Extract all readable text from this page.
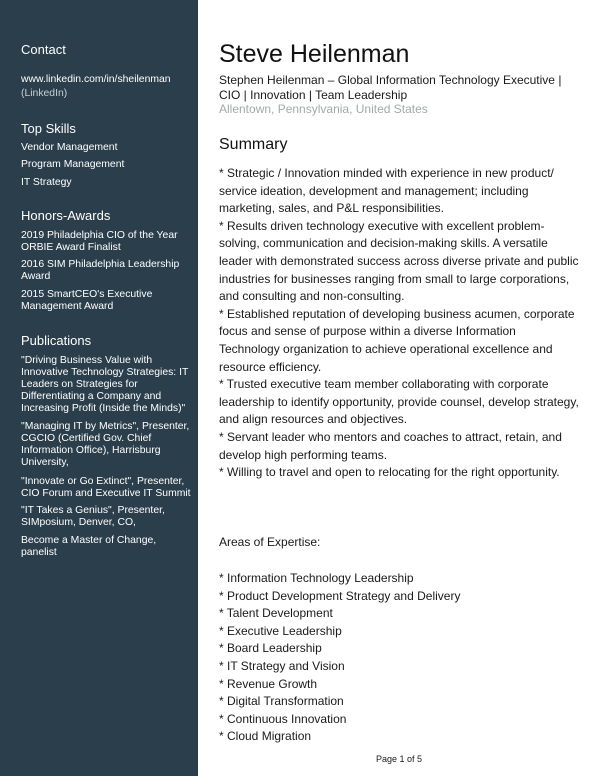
Contact
www.linkedin.com/in/sheilenman
(LinkedIn)
Top Skills
Vendor Management
Program Management
IT Strategy
Honors-Awards
2019 Philadelphia CIO of the Year ORBIE Award Finalist
2016 SIM Philadelphia Leadership Award
2015 SmartCEO's Executive Management Award
Publications
"Driving Business Value with Innovative Technology Strategies: IT Leaders on Strategies for Differentiating a Company and Increasing Profit (Inside the Minds)"
"Managing IT by Metrics", Presenter, CGCIO (Certified Gov. Chief Information Office), Harrisburg University,
"Innovate or Go Extinct", Presenter, CIO Forum and Executive IT Summit
"IT Takes a Genius", Presenter, SIMposium, Denver, CO,
Become a Master of Change, panelist
Steve Heilenman
Stephen Heilenman – Global Information Technology Executive | CIO | Innovation | Team Leadership
Allentown, Pennsylvania, United States
Summary

* Strategic / Innovation minded with experience in new product/ service ideation, development and management; including marketing, sales, and P&L responsibilities.

* Results driven technology executive with excellent problem-solving, communication and decision-making skills. A versatile leader with demonstrated success across diverse private and public industries for businesses ranging from small to large corporations, and consulting and non-consulting.

* Established reputation of developing business acumen, corporate focus and sense of purpose within a diverse Information Technology organization to achieve operational excellence and resource efficiency.

* Trusted executive team member collaborating with corporate leadership to identify opportunity, provide counsel, develop strategy, and align resources and objectives.

* Servant leader who mentors and coaches to attract, retain, and develop high performing teams.

* Willing to travel and open to relocating for the right opportunity.

Areas of Expertise:
* Information Technology Leadership
* Product Development Strategy and Delivery
* Talent Development
* Executive Leadership
* Board Leadership
* IT Strategy and Vision
* Revenue Growth
* Digital Transformation
* Continuous Innovation
* Cloud Migration
Page 1 of 5
